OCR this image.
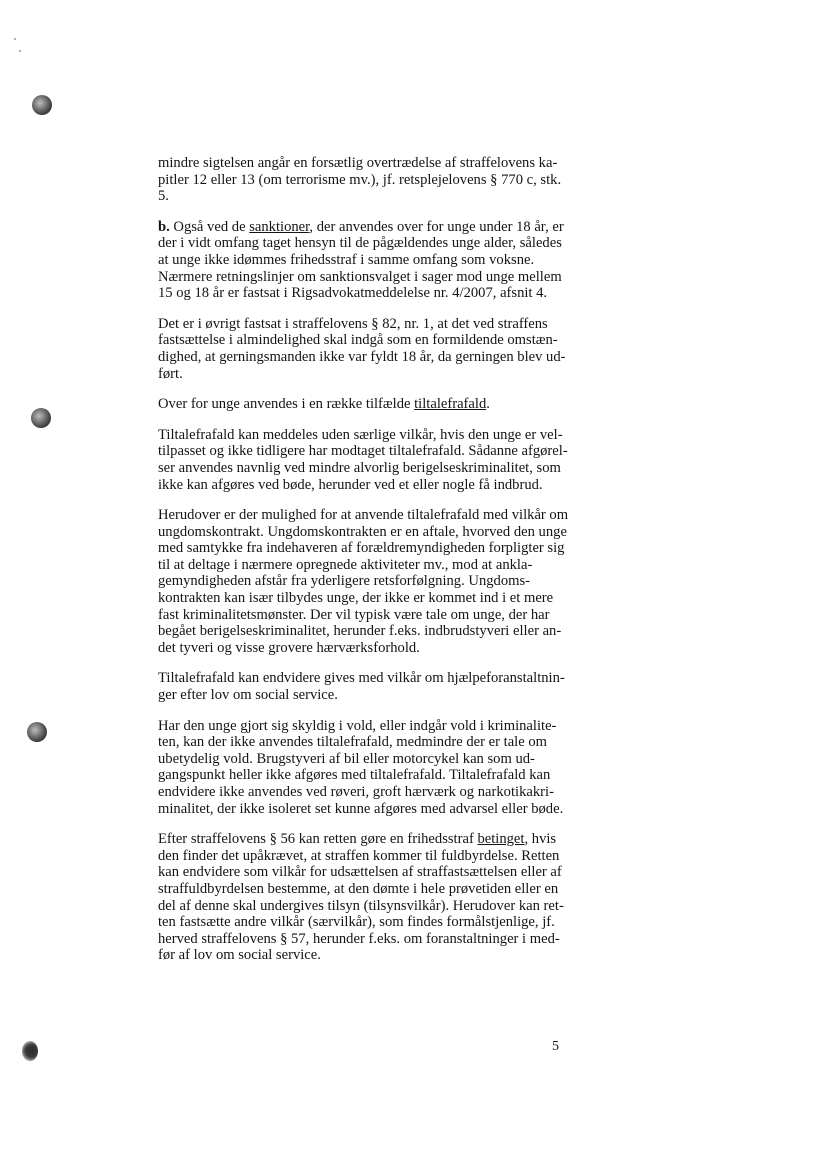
mindre sigtelsen angår en forsætlig overtrædelse af straffelovens ka-
pitler 12 eller 13 (om terrorisme mv.), jf. retsplejelovens § 770 c, stk.
5.

b. Også ved de sanktioner, der anvendes over for unge under 18 år, er
der i vidt omfang taget hensyn til de pågældendes unge alder, således
at unge ikke idømmes frihedsstraf i samme omfang som voksne.
Nærmere retningslinjer om sanktionsvalget i sager mod unge mellem
15 og 18 år er fastsat i Rigsadvokatmeddelelse nr. 4/2007, afsnit 4.

Det er i øvrigt fastsat i straffelovens § 82, nr. 1, at det ved straffens
fastsættelse i almindelighed skal indgå som en formildende omstæn-
dighed, at gerningsmanden ikke var fyldt 18 år, da gerningen blev ud-
ført.

Over for unge anvendes i en række tilfælde tiltalefrafald.

Tiltalefrafald kan meddeles uden særlige vilkår, hvis den unge er vel-
tilpasset og ikke tidligere har modtaget tiltalefrafald. Sådanne afgørel-
ser anvendes navnlig ved mindre alvorlig berigelseskriminalitet, som
ikke kan afgøres ved bøde, herunder ved et eller nogle få indbrud.

Herudover er der mulighed for at anvende tiltalefrafald med vilkår om
ungdomskontrakt. Ungdomskontrakten er en aftale, hvorved den unge
med samtykke fra indehaveren af forældremyndigheden forpligter sig
til at deltage i nærmere opregnede aktiviteter mv., mod at ankla-
gemyndigheden afstår fra yderligere retsforfølgning. Ungdoms-
kontrakten kan især tilbydes unge, der ikke er kommet ind i et mere
fast kriminalitetsmønster. Der vil typisk være tale om unge, der har
begået berigelseskriminalitet, herunder f.eks. indbrudstyveri eller an-
det tyveri og visse grovere hærværksforhold.

Tiltalefrafald kan endvidere gives med vilkår om hjælpeforanstaltnin-
ger efter lov om social service.

Har den unge gjort sig skyldig i vold, eller indgår vold i kriminalite-
ten, kan der ikke anvendes tiltalefrafald, medmindre der er tale om
ubetydelig vold. Brugstyveri af bil eller motorcykel kan som ud-
gangspunkt heller ikke afgøres med tiltalefrafald. Tiltalefrafald kan
endvidere ikke anvendes ved røveri, groft hærværk og narkotikakri-
minalitet, der ikke isoleret set kunne afgøres med advarsel eller bøde.

Efter straffelovens § 56 kan retten gøre en frihedsstraf betinget, hvis
den finder det upåkrævet, at straffen kommer til fuldbyrdelse. Retten
kan endvidere som vilkår for udsættelsen af straffastsættelsen eller af
straffuldbyrdelsen bestemme, at den dømte i hele prøvetiden eller en
del af denne skal undergives tilsyn (tilsynsvilkår). Herudover kan ret-
ten fastsætte andre vilkår (særvilkår), som findes formålstjenlige, jf.
herved straffelovens § 57, herunder f.eks. om foranstaltninger i med-
før af lov om social service.

5
